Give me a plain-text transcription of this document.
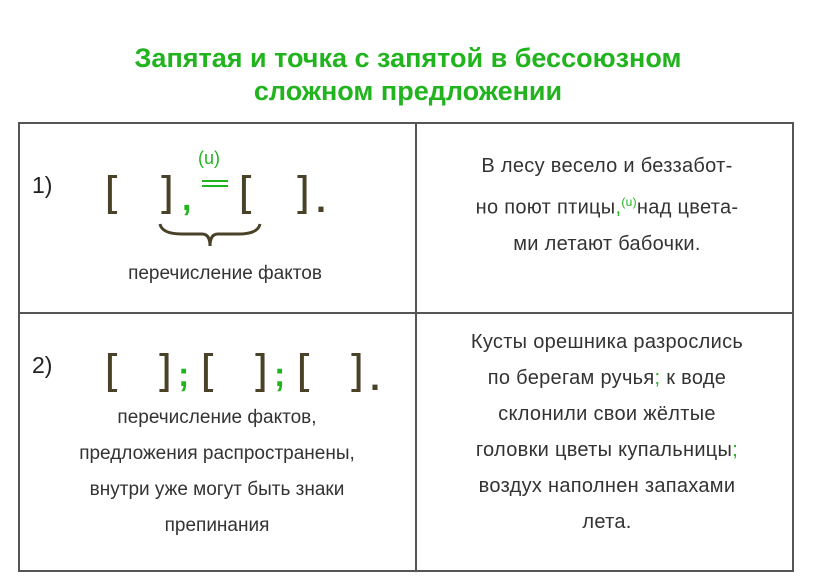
Запятая и точка с запятой в бессоюзном
сложном предложении
1) [ ] ,
(u)
[ ] .
перечисление фактов
В лесу весело и беззабот-
но поют птицы,$^{(u)}$над цвета-
ми летают бабочки.
2) [ ] ; [ ] ; [ ] .
перечисление фактов,
предложения распространены,
внутри уже могут быть знаки
препинания
Кусты орешника разрослись
по берегам ручья; к воде
склонили свои жёлтые
головки цветы купальницы;
воздух наполнен запахами
лета.
